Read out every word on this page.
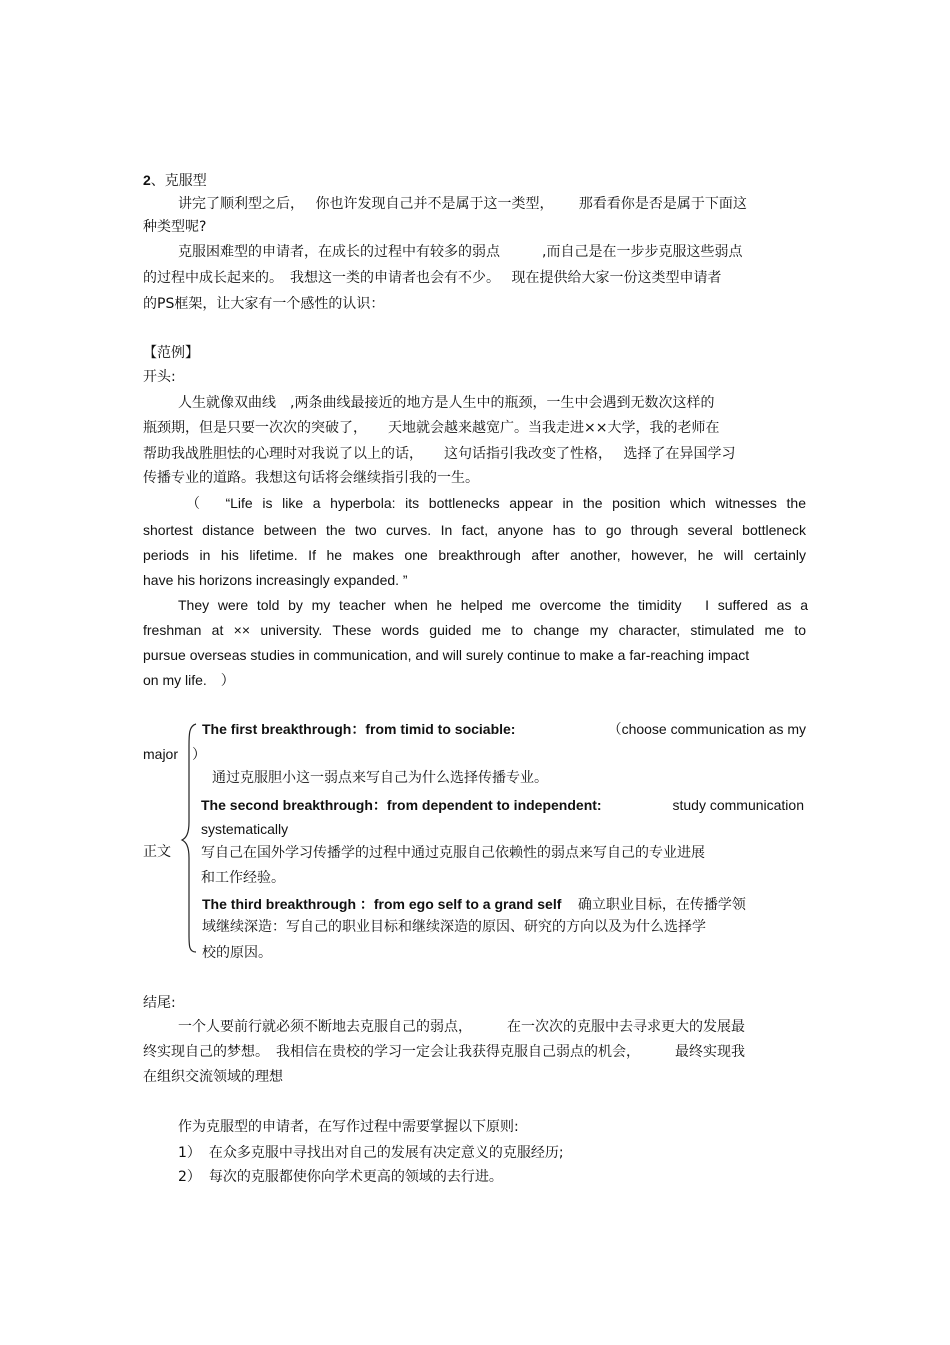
2、克服型
讲完了顺利型之后，　 你也许发现自己并不是属于这一类型，　　 那看看你是否是属于下面这
种类型呢?
克服困难型的申请者，在成长的过程中有较多的弱点　　　,而自己是在一步步克服这些弱点
的过程中成长起来的。　我想这一类的申请者也会有不少。　 现在提供给大家一份这类型申请者
的PS框架，让大家有一个感性的认识：
【范例】
开头:
人生就像双曲线　,两条曲线最接近的地方是人生中的瓶颈，一生中会遇到无数次这样的
瓶颈期，但是只要一次次的突破了，　　天地就会越来越宽广。当我走进××大学，我的老师在
帮助我战胜胆怯的心理时对我说了以上的话，　　这句话指引我改变了性格，　 选择了在异国学习
传播专业的道路。我想这句话将会继续指引我的一生。
（　“Life is like a hyperbola: its bottlenecks appear in the position which witnesses the
shortest distance between the two curves. In fact, anyone has to go through several bottleneck
periods in his lifetime. If he makes one breakthrough after another, however, he will certainly
have his horizons increasingly expanded. ”
They were told by my teacher when he helped me overcome the timidity　I suffered as a
freshman at ×× university. These words guided me to change my character, stimulated me to
pursue overseas studies in communication, and will surely continue to make a far-reaching impact
on my life.　）
正文
The first breakthrough：from timid to sociable:	（choose communication as my
major　）
通过克服胆小这一弱点来写自己为什么选择传播专业。
The second breakthrough：from dependent to independent:	study communication
systematically
写自己在国外学习传播学的过程中通过克服自己依赖性的弱点来写自己的专业进展
和工作经验。
The third breakthrough ：from ego self to a grand self 确立职业目标，在传播学领
域继续深造：写自己的职业目标和继续深造的原因、研究的方向以及为什么选择学
校的原因。
结尾:
一个人要前行就必须不断地去克服自己的弱点，　　　在一次次的克服中去寻求更大的发展最
终实现自己的梦想。　我相信在贵校的学习一定会让我获得克服自己弱点的机会，　　　最终实现我
在组织交流领域的理想
作为克服型的申请者，在写作过程中需要掌握以下原则:
1） 在众多克服中寻找出对自己的发展有决定意义的克服经历;
2） 每次的克服都使你向学术更高的领域的去行进。
